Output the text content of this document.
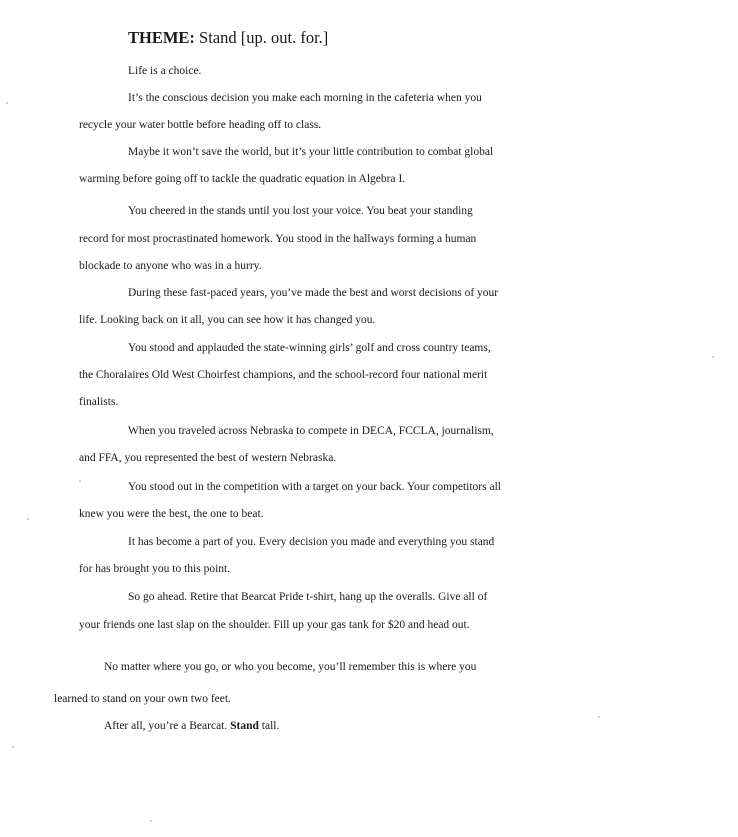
THEME: Stand [up. out. for.]
Life is a choice.
It’s the conscious decision you make each morning in the cafeteria when you
recycle your water bottle before heading off to class.
Maybe it won’t save the world, but it’s your little contribution to combat global
warming before going off to tackle the quadratic equation in Algebra I.
You cheered in the stands until you lost your voice. You beat your standing
record for most procrastinated homework. You stood in the hallways forming a human
blockade to anyone who was in a hurry.
During these fast-paced years, you’ve made the best and worst decisions of your
life. Looking back on it all, you can see how it has changed you.
You stood and applauded the state-winning girls’ golf and cross country teams,
the Choralaires Old West Choirfest champions, and the school-record four national merit
finalists.
When you traveled across Nebraska to compete in DECA, FCCLA, journalism,
and FFA, you represented the best of western Nebraska.
You stood out in the competition with a target on your back. Your competitors all
knew you were the best, the one to beat.
It has become a part of you. Every decision you made and everything you stand
for has brought you to this point.
So go ahead. Retire that Bearcat Pride t-shirt, hang up the overalls. Give all of
your friends one last slap on the shoulder. Fill up your gas tank for $20 and head out.
No matter where you go, or who you become, you’ll remember this is where you
learned to stand on your own two feet.
After all, you’re a Bearcat. Stand tall.
